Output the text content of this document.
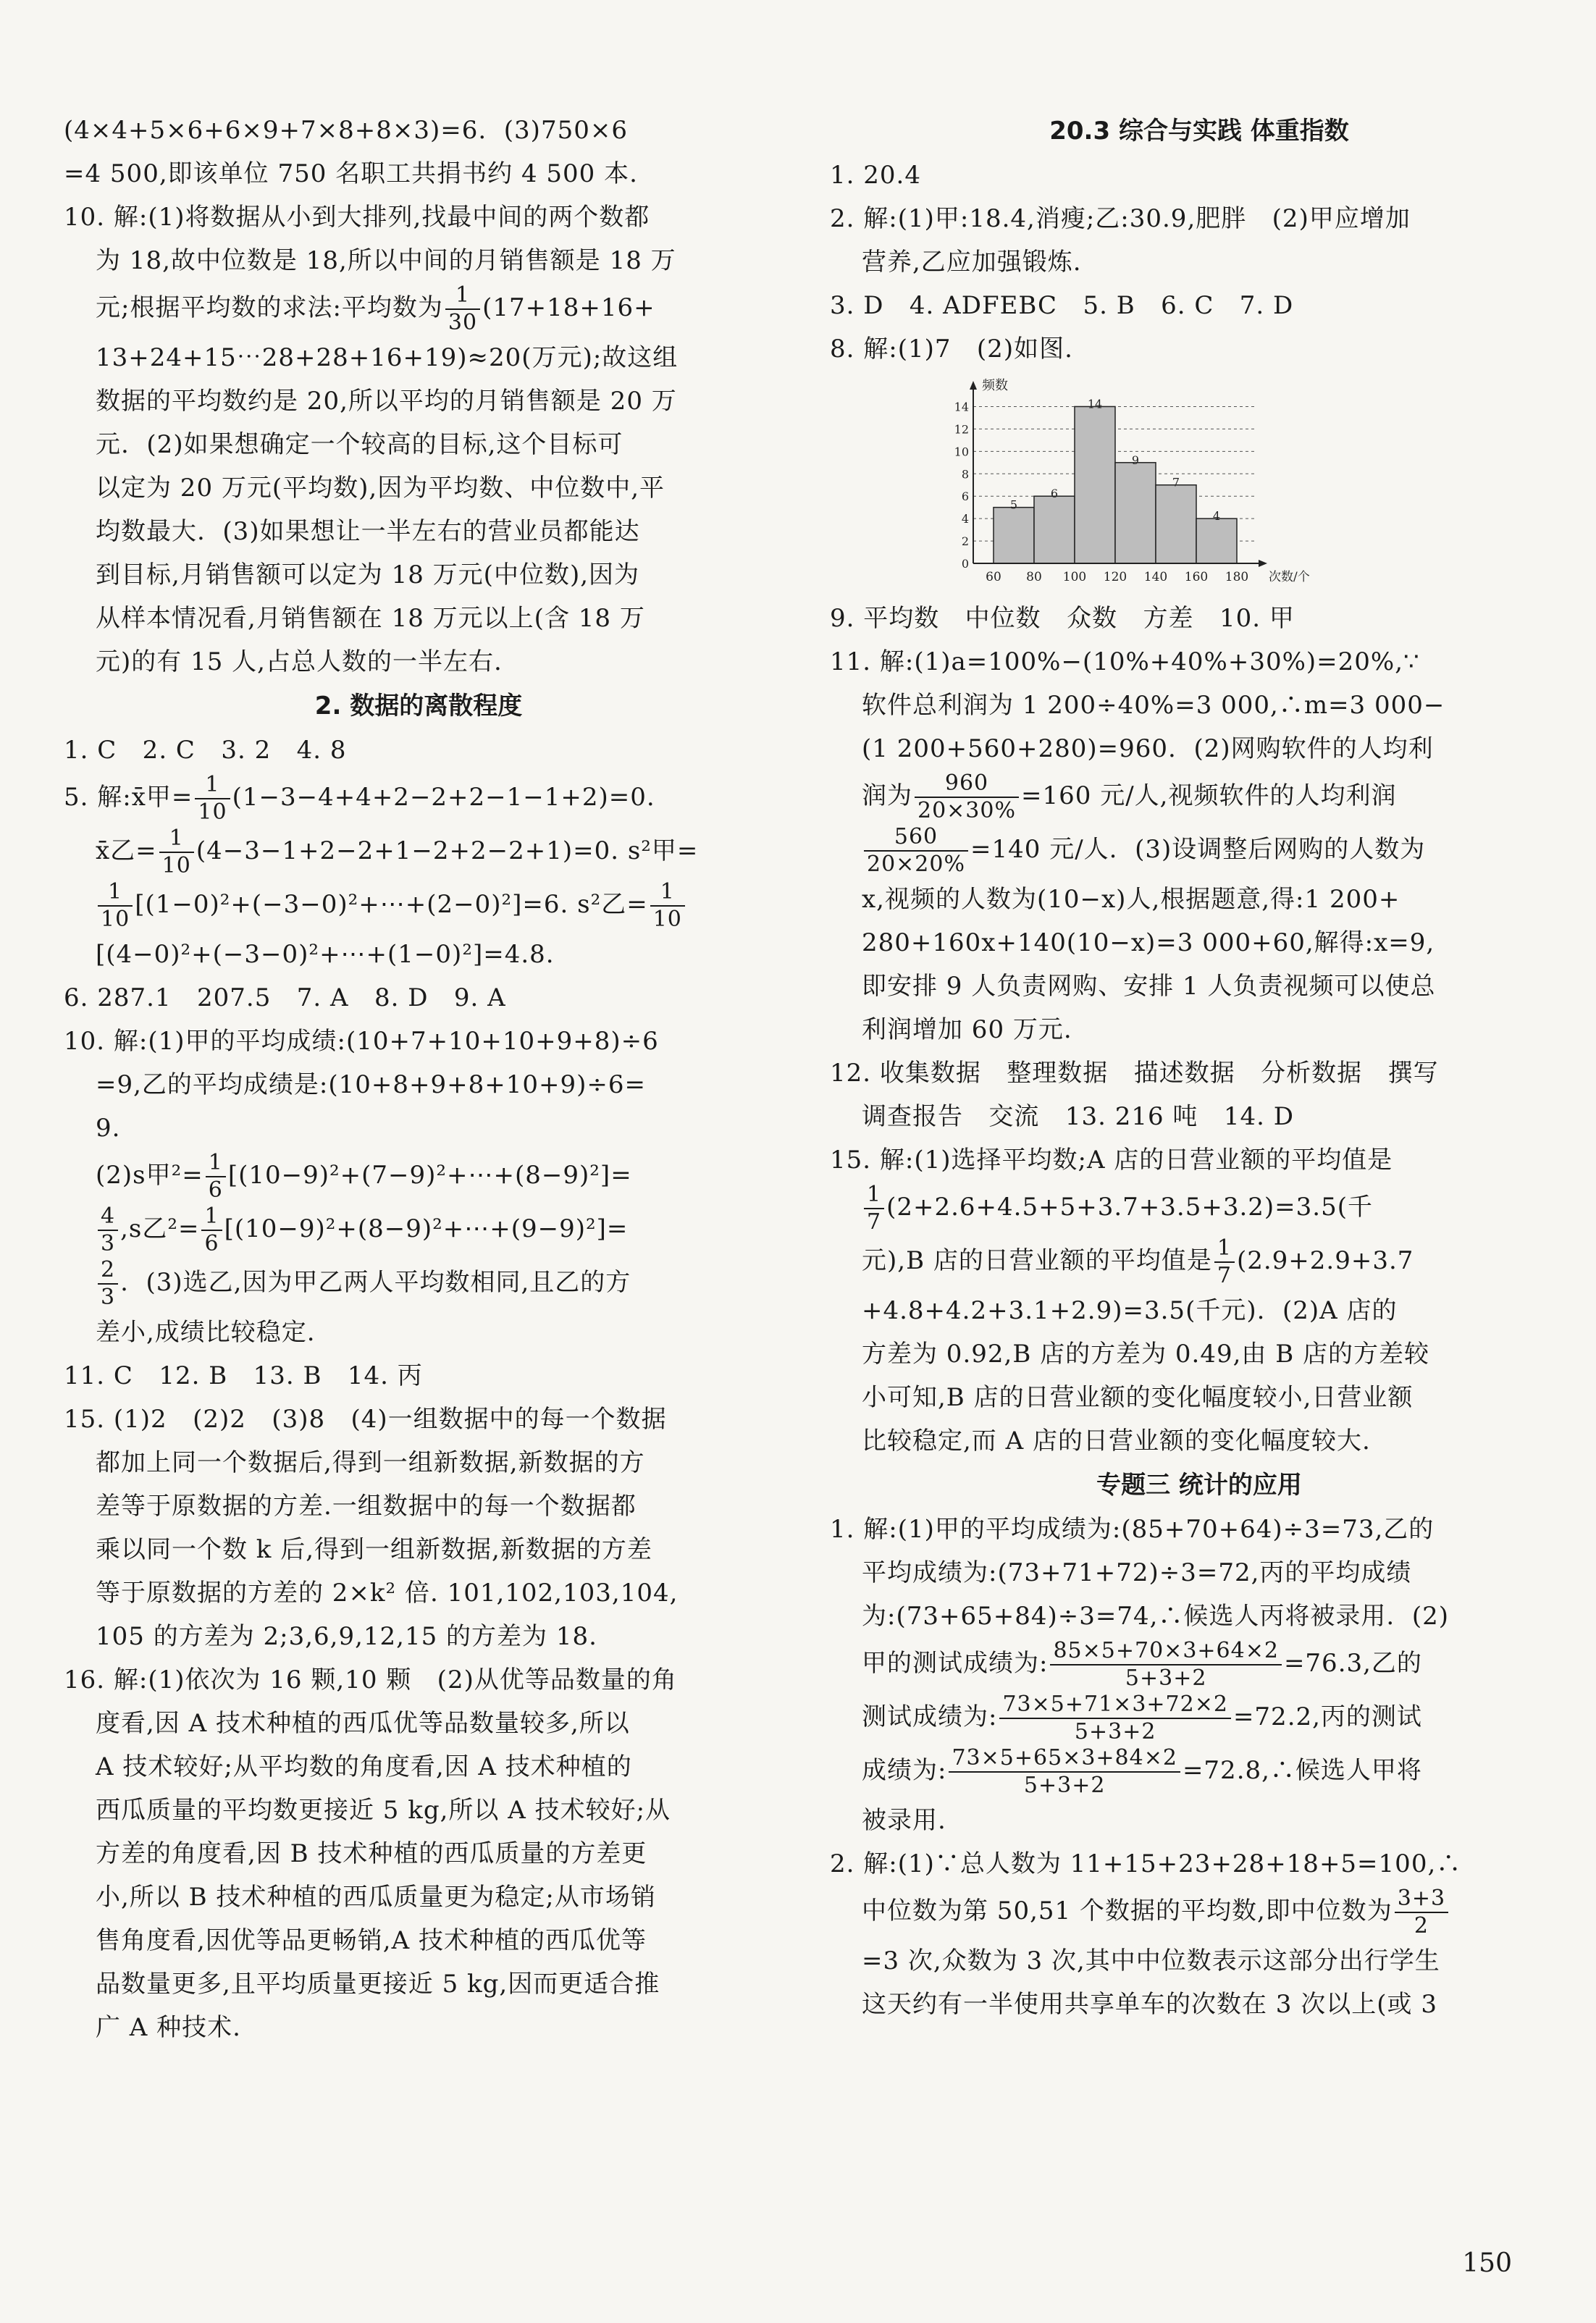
(4×4+5×6+6×9+7×8+8×3)=6.  (3)750×6
=4 500,即该单位 750 名职工共捐书约 4 500 本.
10. 解:(1)将数据从小到大排列,找最中间的两个数都
为 18,故中位数是 18,所以中间的月销售额是 18 万
元;根据平均数的求法:平均数为 $\frac{1}{30} (17+18+16+$
13+24+15⋯28+28+16+19)≈20(万元);故这组
数据的平均数约是 20,所以平均的月销售额是 20 万
元.  (2)如果想确定一个较高的目标,这个目标可
以定为 20 万元(平均数),因为平均数、中位数中,平
均数最大.  (3)如果想让一半左右的营业员都能达
到目标,月销售额可以定为 18 万元(中位数),因为
从样本情况看,月销售额在 18 万元以上(含 18 万
元)的有 15 人,占总人数的一半左右.
2. 数据的离散程度
1. C   2. C   3. 2   4. 8
5. 解:x̄甲= $\frac{1}{10} (1-3-4+4+2-2+2-1-1+2)=0$.
x̄乙= $\frac{1}{10} (4-3-1+2-2+1-2+2-2+1)=0$. s²甲=
$\frac{1}{10}$ [(1−0)²+(−3−0)²+⋯+(2−0)²]=6. s²乙= $\frac{1}{10}$
[(4−0)²+(−3−0)²+⋯+(1−0)²]=4.8.
6. 287.1   207.5   7. A   8. D   9. A
10. 解:(1)甲的平均成绩:(10+7+10+10+9+8)÷6
=9,乙的平均成绩是:(10+8+9+8+10+9)÷6=
9.
(2)s甲$^2= \frac{1}{6}$ [(10−9)²+(7−9)²+⋯+(8−9)²]=
$\frac{4}{3} ,s$乙$^2= \frac{1}{6}$ [(10−9)²+(8−9)²+⋯+(9−9)²]=
$\frac{2}{3}$ .  (3)选乙,因为甲乙两人平均数相同,且乙的方
差小,成绩比较稳定.
11. C   12. B   13. B   14. 丙
15. (1)2   (2)2   (3)8   (4)一组数据中的每一个数据
都加上同一个数据后,得到一组新数据,新数据的方
差等于原数据的方差.一组数据中的每一个数据都
乘以同一个数 k 后,得到一组新数据,新数据的方差
等于原数据的方差的 2×k² 倍. 101,102,103,104,
105 的方差为 2;3,6,9,12,15 的方差为 18.
16. 解:(1)依次为 16 颗,10 颗   (2)从优等品数量的角
度看,因 A 技术种植的西瓜优等品数量较多,所以
A 技术较好;从平均数的角度看,因 A 技术种植的
西瓜质量的平均数更接近 5 kg,所以 A 技术较好;从
方差的角度看,因 B 技术种植的西瓜质量的方差更
小,所以 B 技术种植的西瓜质量更为稳定;从市场销
售角度看,因优等品更畅销,A 技术种植的西瓜优等
品数量更多,且平均质量更接近 5 kg,因而更适合推
广 A 种技术.
20.3 综合与实践 体重指数
1. 20.4
2. 解:(1)甲:18.4,消瘦;乙:30.9,肥胖   (2)甲应增加
营养,乙应加强锻炼.
3. D   4. ADFEBC   5. B   6. C   7. D
8. 解:(1)7   (2)如图.
0
2
4
6
8
10
12
14
5
6
14
9
7
4
60 80 100 120 140 160 180
频数
次数/个
9. 平均数   中位数   众数   方差   10. 甲
11. 解:(1)a=100%−(10%+40%+30%)=20%,∵
软件总利润为 1 200÷40%=3 000,∴m=3 000−
(1 200+560+280)=960.  (2)网购软件的人均利
润为 $\frac{960}{20\times 30\%} =160$ 元/人,视频软件的人均利润
$\frac{560}{20\times 20\%} =140$ 元/人.  (3)设调整后网购的人数为
x,视频的人数为(10−x)人,根据题意,得:1 200+
280+160x+140(10−x)=3 000+60,解得:x=9,
即安排 9 人负责网购、安排 1 人负责视频可以使总
利润增加 60 万元.
12. 收集数据   整理数据   描述数据   分析数据   撰写
调查报告   交流   13. 216 吨   14. D
15. 解:(1)选择平均数;A 店的日营业额的平均值是
$\frac{1}{7} (2+2.6+4.5+5+3.7+3.5+3.2)=3.5$(千
元),B 店的日营业额的平均值是 $\frac{1}{7} (2.9+2.9+3.7$
+4.8+4.2+3.1+2.9)=3.5(千元).  (2)A 店的
方差为 0.92,B 店的方差为 0.49,由 B 店的方差较
小可知,B 店的日营业额的变化幅度较小,日营业额
比较稳定,而 A 店的日营业额的变化幅度较大.
专题三 统计的应用
1. 解:(1)甲的平均成绩为:(85+70+64)÷3=73,乙的
平均成绩为:(73+71+72)÷3=72,丙的平均成绩
为:(73+65+84)÷3=74,∴候选人丙将被录用.  (2)
甲的测试成绩为: $\frac{85\times 5+70\times 3+64\times 2}{5+3+2} =76.3$,乙的
测试成绩为: $\frac{73\times 5+71\times 3+72\times 2}{5+3+2} =72.2$,丙的测试
成绩为: $\frac{73\times 5+65\times 3+84\times 2}{5+3+2}$ =72.8,∴候选人甲将
被录用.
2. 解:(1)∵总人数为 11+15+23+28+18+5=100,∴
中位数为第 50,51 个数据的平均数,即中位数为 $\frac{3+3}{2}$
=3 次,众数为 3 次,其中中位数表示这部分出行学生
这天约有一半使用共享单车的次数在 3 次以上(或 3
150
